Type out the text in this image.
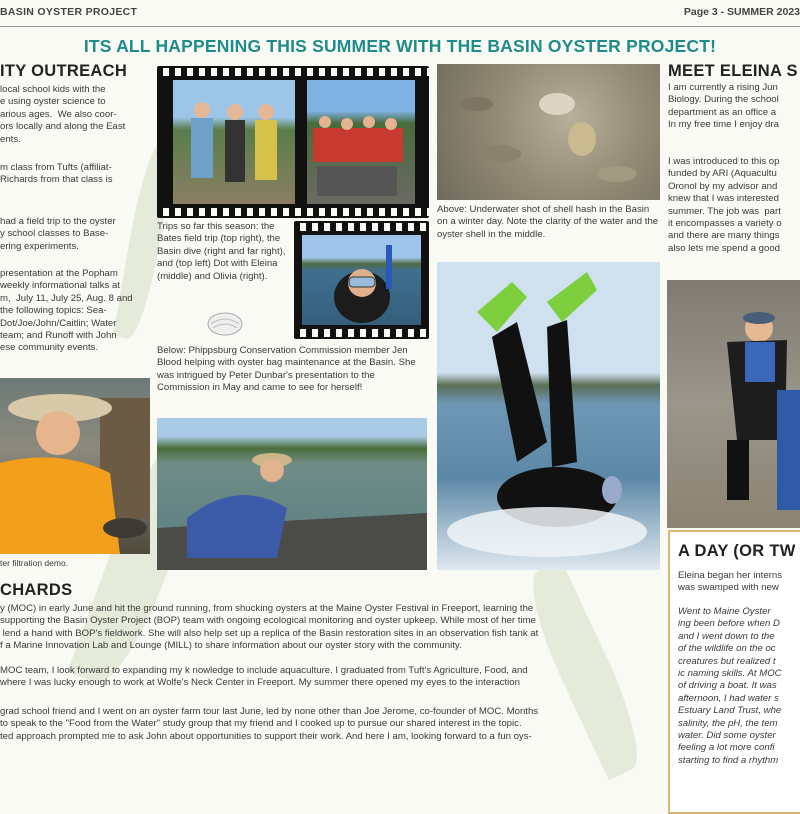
BASIN OYSTER PROJECT	Page 3 - SUMMER 2023
ITS ALL HAPPENING THIS SUMMER WITH THE BASIN OYSTER PROJECT!
ITY OUTREACH
local school kids with the
e using oyster science to
arious ages.  We also coor-
ors locally and along the East
ents.
m class from Tufts (affiliat-
Richards from that class is
had a field trip to the oyster
y school classes to Base-
ering experiments.
presentation at the Popham
weekly informational talks at
m,  July 11, July 25, Aug. 8 and
the following topics: Sea-
Dot/Joe/John/Caitlin; Water
team; and Runoff with John
ese community events.
ter filtration demo.
Trips so far this season: the Bates field trip (top right), the Basin dive (right and far right), and (top left) Dot with Eleina (middle) and Olivia (right).
Below: Phippsburg Conservation Commission member Jen Blood helping with oyster bag maintenance at the Basin. She was intrigued by Peter Dunbar's presentation to the Commission in May and came to see for herself!
Above: Underwater shot of shell hash in the Basin on a winter day. Note the clarity of the water and the oyster shell in the middle.
MEET ELEINA S
I am currently a rising Jun
Biology. During the school
department as an office a
In my free time I enjoy dra
I was introduced to this op
funded by ARI (Aquacultu
Oronol by my advisor and
knew that I was interested
summer. The job was  part
it encompasses a variety o
and there are many things
also lets me spend a good
A DAY (OR TW
Eleina began her interns
was swamped with new
Went to Maine Oyster
ing been before when D
and I went down to the
of the wildlife on the oc
creatures but realized t
ic naming skills. At MOC
of driving a boat. It was
afternoon, I had water s
Estuary Land Trust, whe
salinity, the pH, the tem
water. Did some oyster
feeling a lot more confi
starting to find a rhythm
CHARDS
y (MOC) in early June and hit the ground running, from shucking oysters at the Maine Oyster Festival in Freeport, learning the
supporting the Basin Oyster Project (BOP) team with ongoing ecological monitoring and oyster upkeep. While most of her time
lend a hand with BOP's fieldwork. She will also help set up a replica of the Basin restoration sites in an observation fish tank at
f a Marine Innovation Lab and Lounge (MILL) to share information about our oyster story with the community.
MOC team, I look forward to expanding my k nowledge to include aquaculture. I graduated from Tuft's Agriculture, Food, and
where I was lucky enough to work at Wolfe's Neck Center in Freeport. My summer there opened my eyes to the interaction
grad school friend and I went on an oyster farm tour last June, led by none other than Joe Jerome, co-founder of MOC. Months
to speak to the "Food from the Water" study group that my friend and I cooked up to pursue our shared interest in the topic.
ted approach prompted me to ask John about opportunities to support their work. And here I am, looking forward to a fun oys-
